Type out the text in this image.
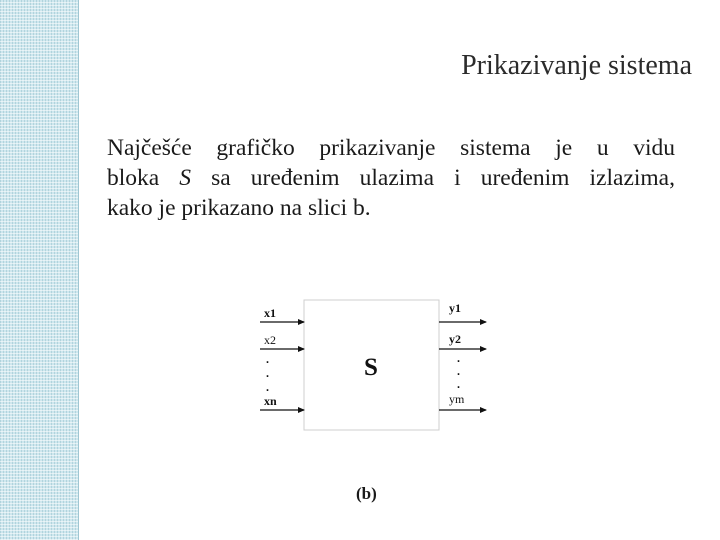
Prikazivanje sistema

Najčešće grafičko prikazivanje sistema je u vidu
bloka S sa uređenim ulazima i uređenim izlazima,
kako je prikazano na slici b.

x1
x2
xn
.
.
.
y1
y2
ym
.
.
.
S

(b)
